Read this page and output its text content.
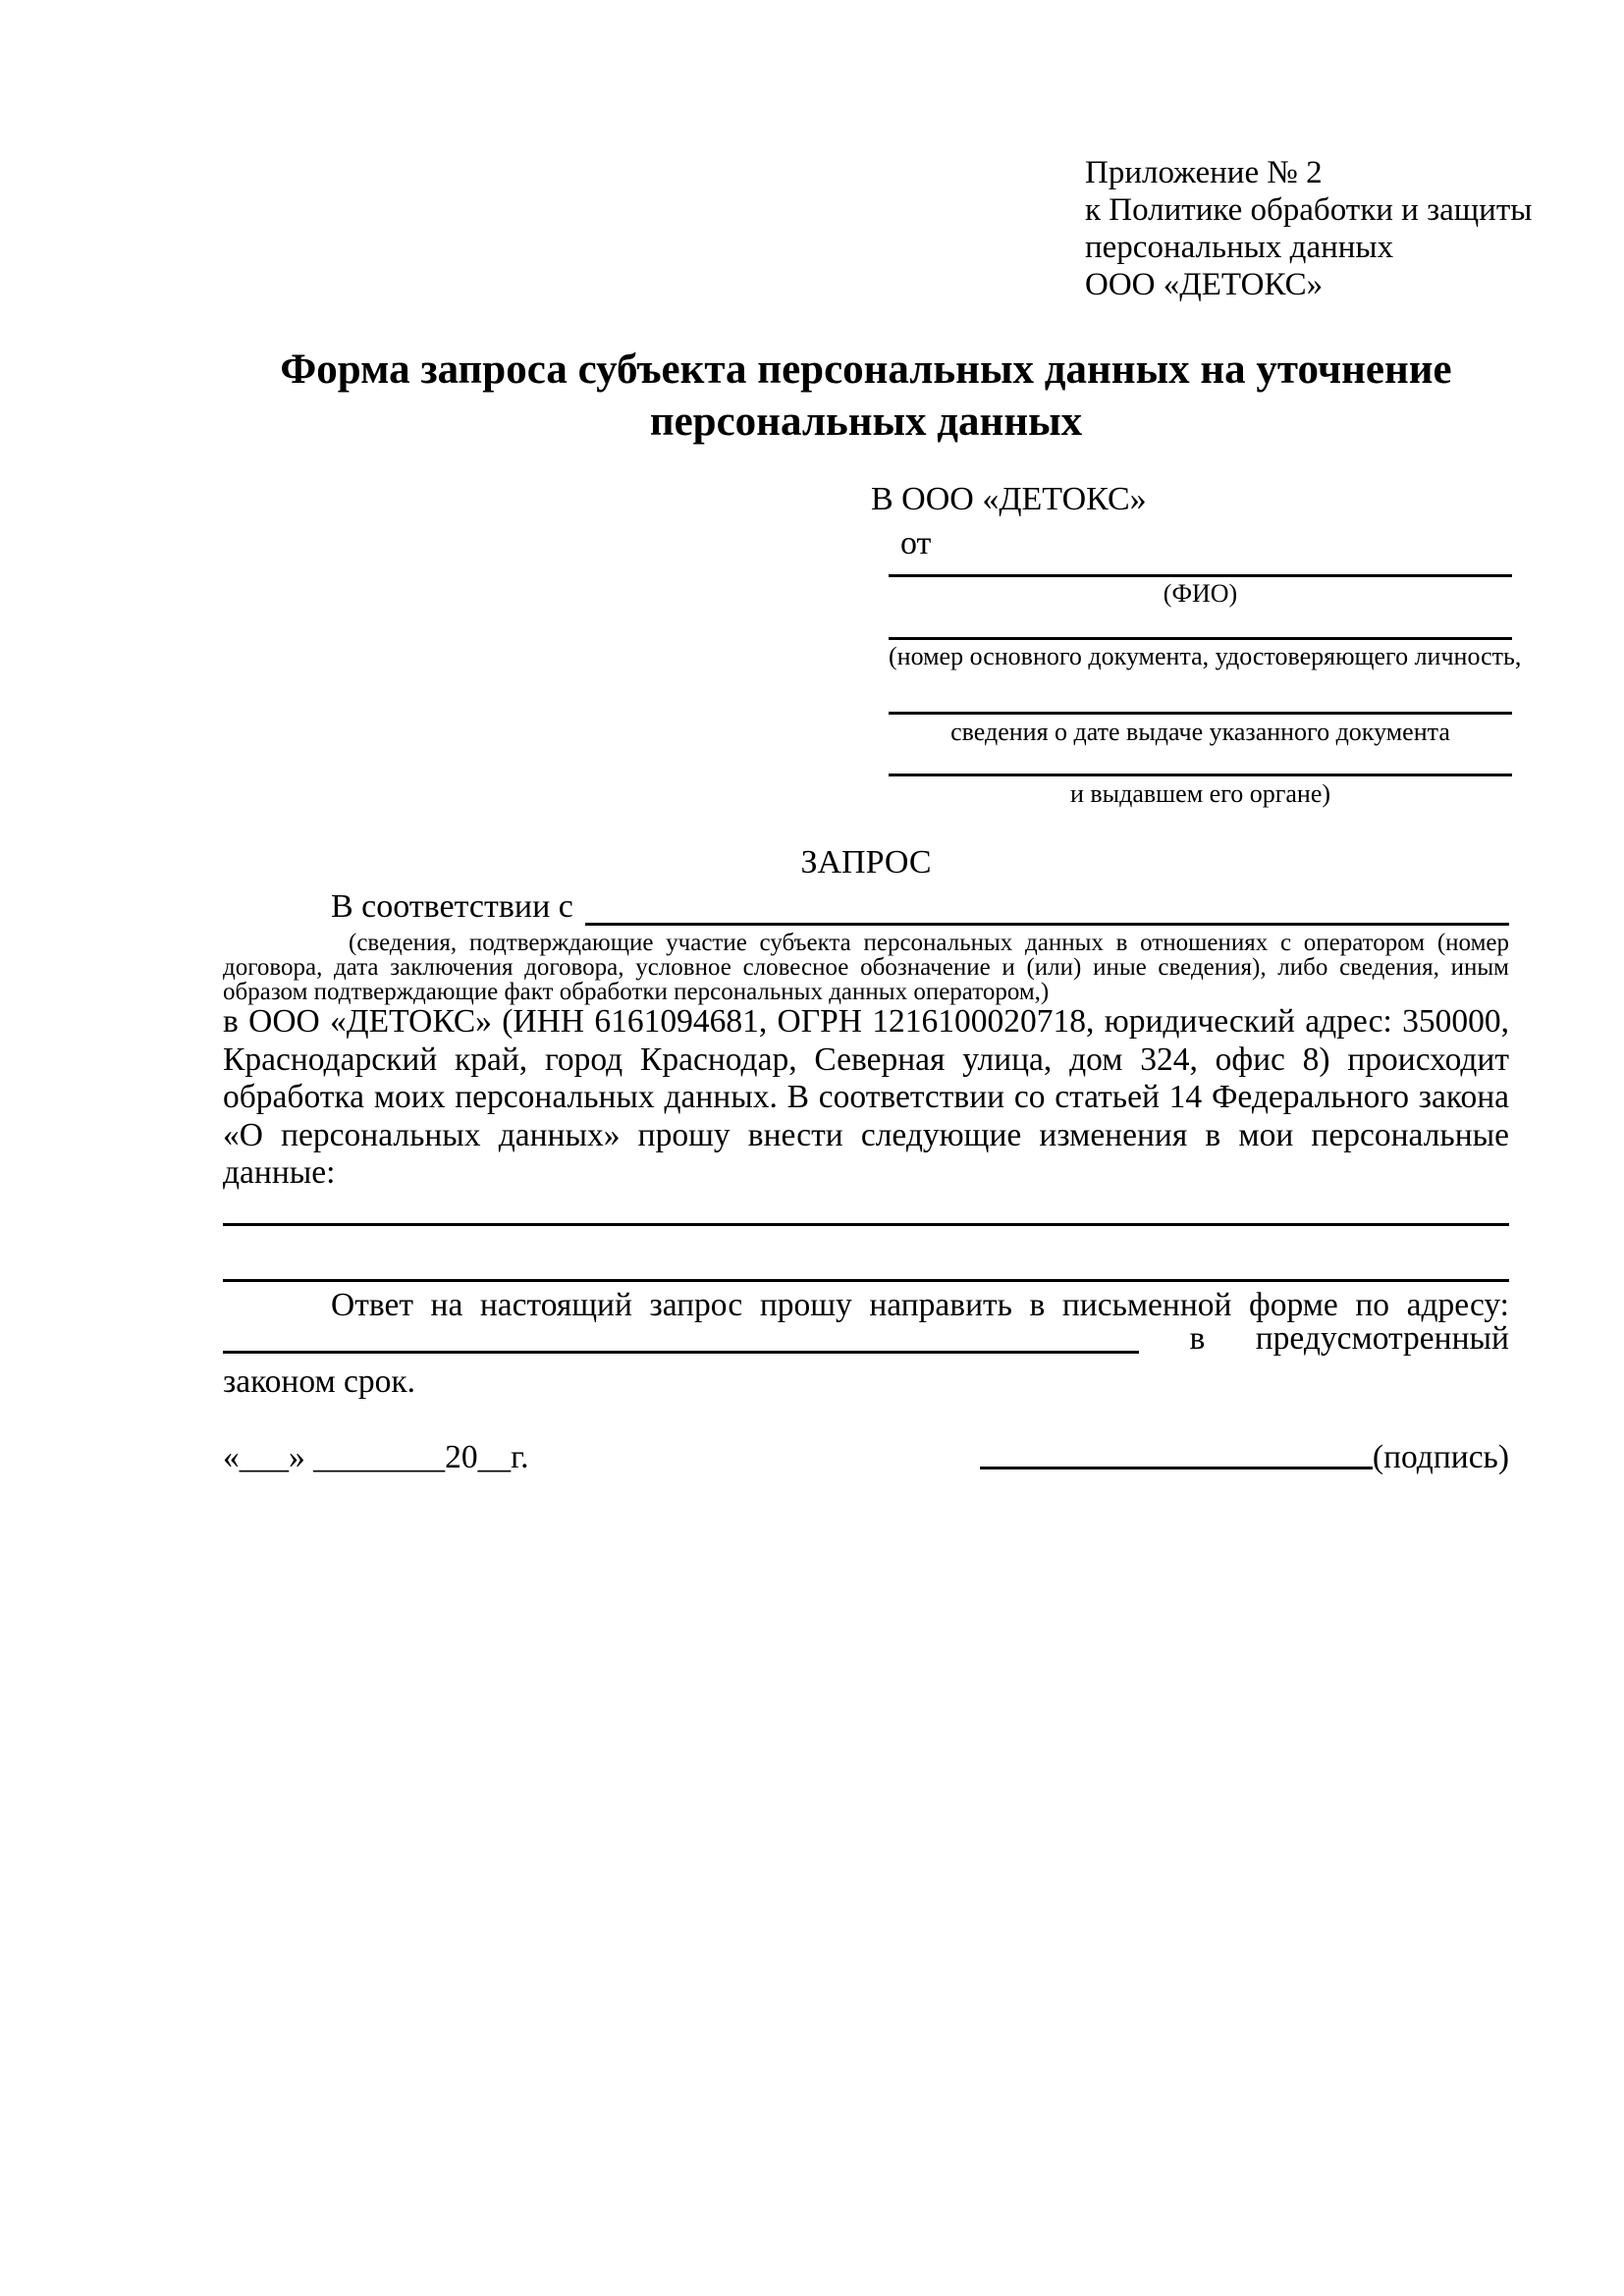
Приложение № 2
к Политике обработки и защиты
персональных данных
ООО «ДЕТОКС»
Форма запроса субъекта персональных данных на уточнение персональных данных
В ООО «ДЕТОКС»
от
(ФИО)
(номер основного документа, удостоверяющего личность,
сведения о дате выдаче указанного документа
и выдавшем его органе)
ЗАПРОС
В соответствии с
(сведения, подтверждающие участие субъекта персональных данных в отношениях с оператором (номер договора, дата заключения договора, условное словесное обозначение и (или) иные сведения), либо сведения, иным образом подтверждающие факт обработки персональных данных оператором,)
в ООО «ДЕТОКС» (ИНН 6161094681, ОГРН 1216100020718, юридический адрес: 350000, Краснодарский край, город Краснодар, Северная улица, дом 324, офис 8) происходит обработка моих персональных данных. В соответствии со статьей 14 Федерального закона «О персональных данных» прошу внести следующие изменения в мои персональные данные:
Ответ на настоящий запрос прошу направить в письменной форме по адресу:
в предусмотренный
законом срок.
«___» ________20__г.	(подпись)
